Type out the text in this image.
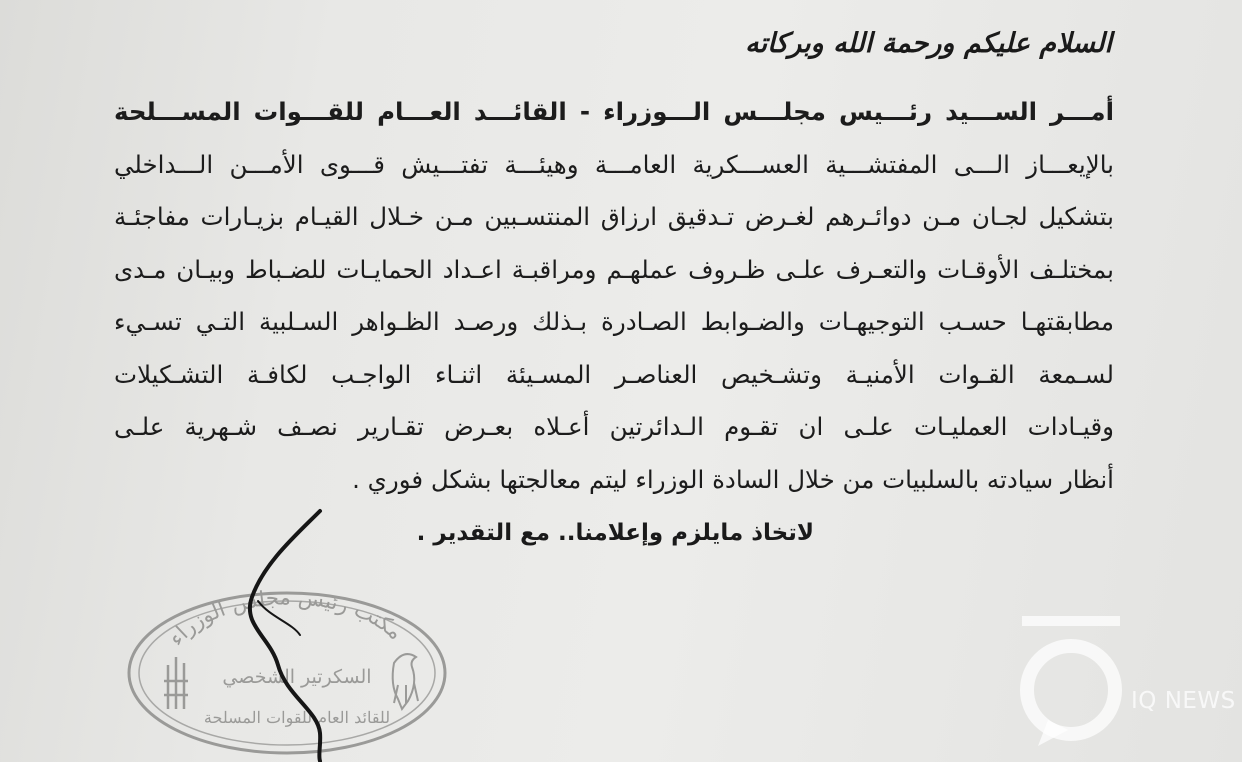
السلام عليكم ورحمة الله وبركاته
أمـــر الســـيد رئـــيس مجلـــس الـــوزراء - القائـــد العـــام للقـــوات المســـلحة
بالإيعـــاز الـــى المفتشـــية العســـكرية العامـــة وهيئـــة تفتـــيش قـــوى الأمـــن الـــداخلي
بتشكيل لجـان مـن دوائـرهم لغـرض تـدقيق ارزاق المنتسـبين مـن خـلال القيـام بزيـارات مفاجئـة
بمختلـف الأوقـات والتعـرف علـى ظـروف عملهـم ومراقبـة اعـداد الحمايـات للضـباط وبيـان مـدى
مطابقتهـا حسـب التوجيهـات والضـوابط الصـادرة بـذلك ورصـد الظـواهر السـلبية التـي تسـيء
لسـمعة القـوات الأمنيـة وتشـخيص العناصـر المسـيئة اثنـاء الواجـب لكافـة التشـكيلات
وقيـادات العمليـات علـى ان تقـوم الـدائرتين أعـلاه بعـرض تقـارير نصـف شـهرية علـى
أنظار سيادته بالسلبيات من خلال السادة الوزراء ليتم معالجتها بشكل فوري .
لاتخاذ مايلزم وإعلامنا.. مع التقدير .
مكتب رئيس مجلس الوزراء
السكرتير الشخصي
للقائد العام للقوات المسلحة
IQ NEWS
